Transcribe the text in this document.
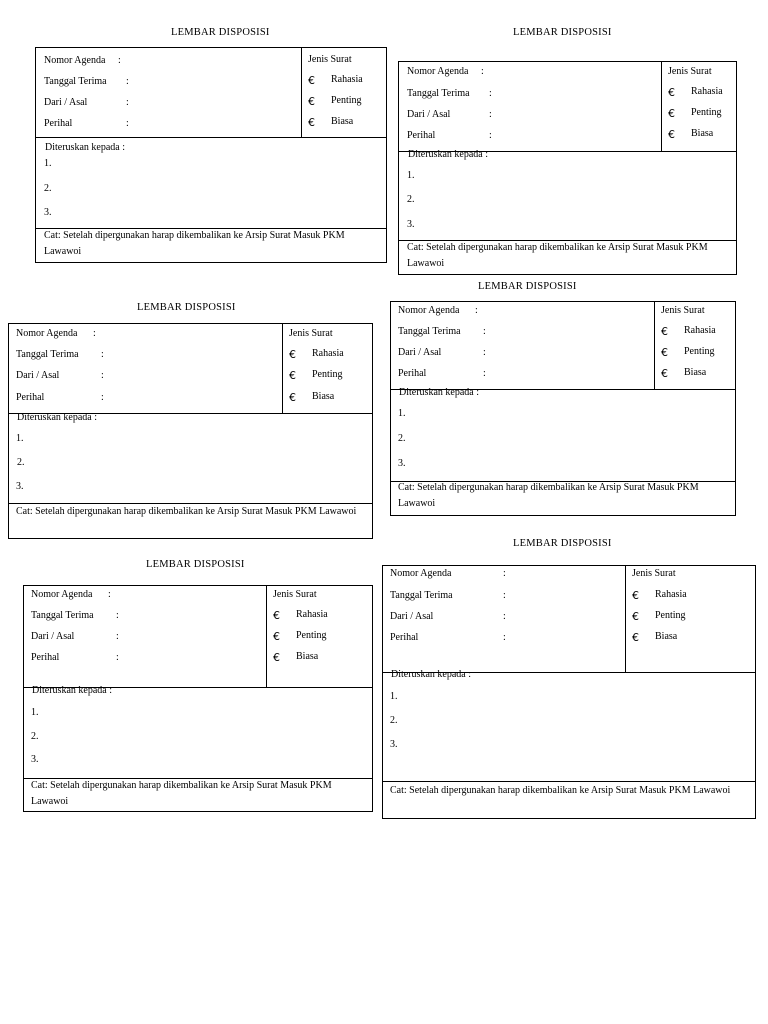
LEMBAR DISPOSISI
Nomor Agenda :
Tanggal Terima :
Dari / Asal	:
Perihal	:
Jenis Surat
€ Rahasia
€ Penting
€ Biasa
Diteruskan kepada :
1.
2.
3.
Cat: Setelah dipergunakan harap dikembalikan ke Arsip Surat Masuk PKM Lawawoi
LEMBAR DISPOSISI
Nomor Agenda :
Tanggal Terima :
Dari / Asal	:
Perihal	:
Jenis Surat
€ Rahasia
€ Penting
€ Biasa
Diteruskan kepada :
1.
2.
3.
Cat: Setelah dipergunakan harap dikembalikan ke Arsip Surat Masuk PKM Lawawoi
LEMBAR DISPOSISI
Nomor Agenda :
Tanggal Terima :
Dari / Asal	:
Perihal	:
Jenis Surat
€ Rahasia
€ Penting
€ Biasa
Diteruskan kepada :
1.
2.
3.
Cat: Setelah dipergunakan harap dikembalikan ke Arsip Surat Masuk PKM Lawawoi
LEMBAR DISPOSISI
Nomor Agenda :
Tanggal Terima :
Dari / Asal	:
Perihal	:
Jenis Surat
€ Rahasia
€ Penting
€ Biasa
Diteruskan kepada :
1.
2.
3.
Cat: Setelah dipergunakan harap dikembalikan ke Arsip Surat Masuk PKM Lawawoi
LEMBAR DISPOSISI
Nomor Agenda :
Tanggal Terima :
Dari / Asal	:
Perihal	:
Jenis Surat
€ Rahasia
€ Penting
€ Biasa
Diteruskan kepada :
1.
2.
3.
Cat: Setelah dipergunakan harap dikembalikan ke Arsip Surat Masuk PKM Lawawoi
LEMBAR DISPOSISI
Nomor Agenda	:
Tanggal Terima	:
Dari / Asal	:
Perihal	:
Jenis Surat
€ Rahasia
€ Penting
€ Biasa
Diteruskan kepada :
1.
2.
3.
Cat: Setelah dipergunakan harap dikembalikan ke Arsip Surat Masuk PKM Lawawoi
